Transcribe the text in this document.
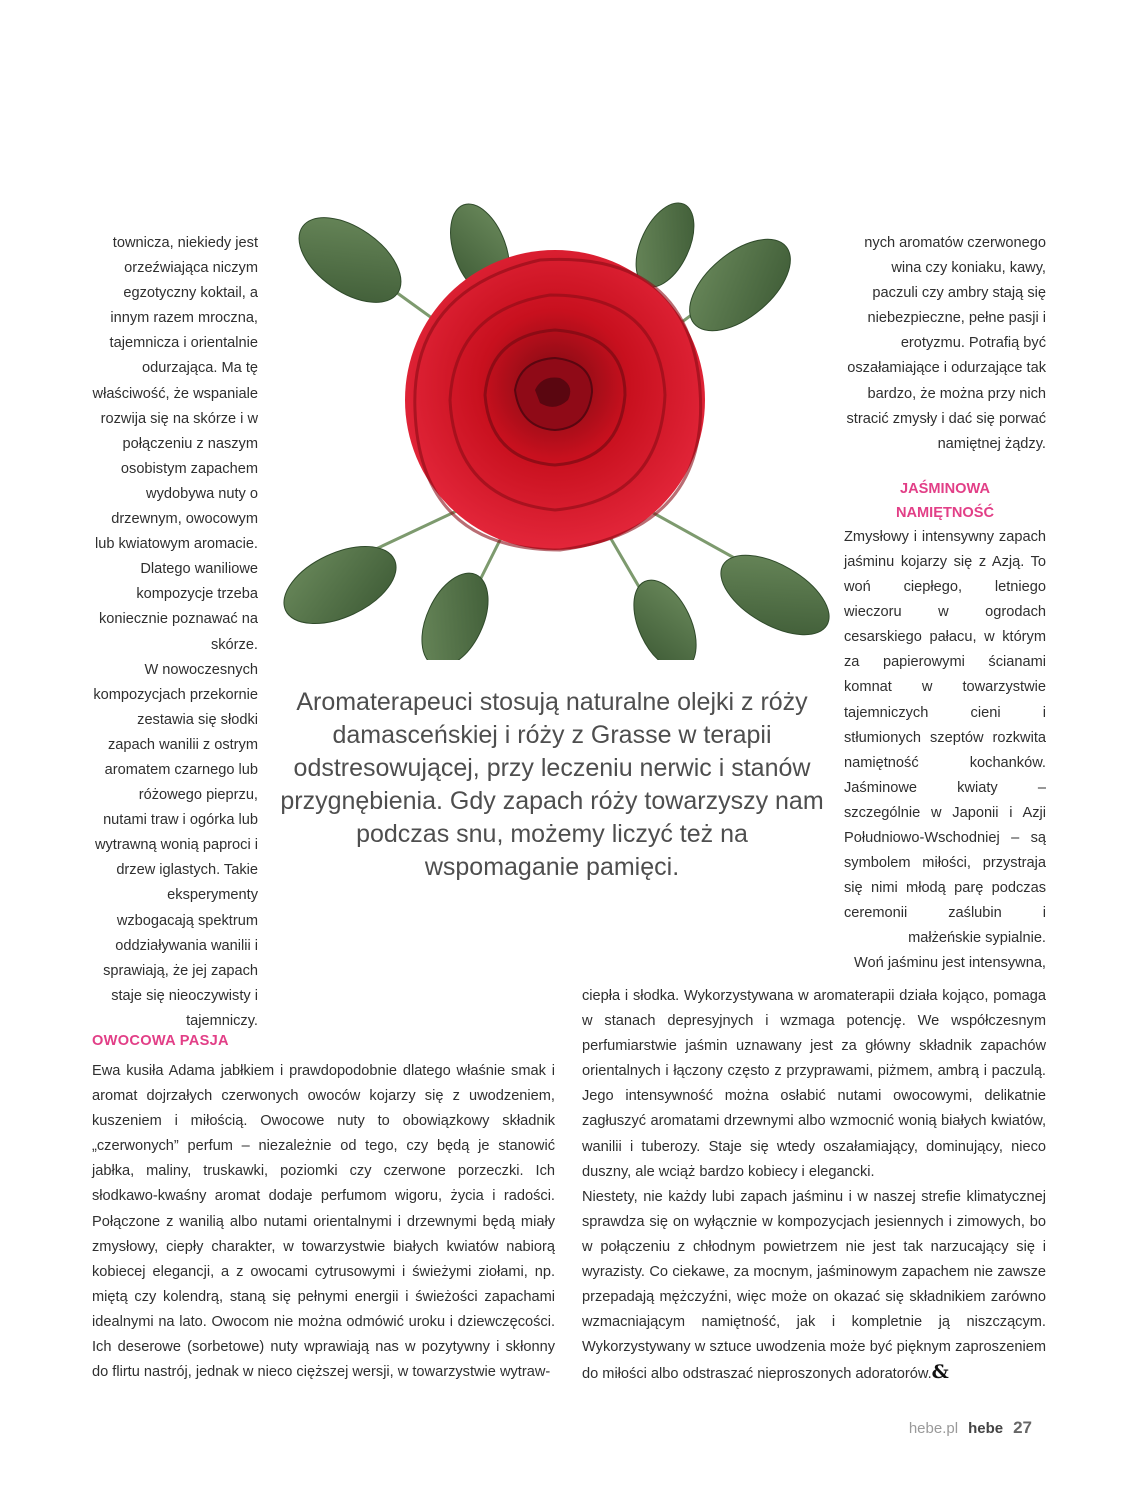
townicza, niekiedy jest orzeźwiająca niczym egzotyczny koktail, a innym razem mroczna, tajemnicza i orientalnie odurzająca. Ma tę właściwość, że wspaniale rozwija się na skórze i w połączeniu z naszym osobistym zapachem wydobywa nuty o drzewnym, owocowym lub kwiatowym aromacie. Dlatego waniliowe kompozycje trzeba koniecznie poznawać na skórze.

W nowoczesnych kompozycjach przekornie zestawia się słodki zapach wanilii z ostrym aromatem czarnego lub różowego pieprzu, nutami traw i ogórka lub wytrawną wonią paproci i drzew iglastych. Takie eksperymenty wzbogacają spektrum oddziaływania wanilii i sprawiają, że jej zapach staje się nieoczywisty i tajemniczy.

nych aromatów czerwonego wina czy koniaku, kawy, paczuli czy ambry stają się niebezpieczne, pełne pasji i erotyzmu. Potrafią być oszałamiające i odurzające tak bardzo, że można przy nich stracić zmysły i dać się porwać namiętnej żądzy.

JAŚMINOWA
NAMIĘTNOŚĆ

Zmysłowy i intensywny zapach jaśminu kojarzy się z Azją. To woń ciepłego, letniego wieczoru w ogrodach cesarskiego pałacu, w którym za papierowymi ścianami komnat w towarzystwie tajemniczych cieni i stłumionych szeptów rozkwita namiętność kochanków. Jaśminowe kwiaty – szczególnie w Japonii i Azji Południowo-Wschodniej – są symbolem miłości, przystraja się nimi młodą parę podczas ceremonii zaślubin i małżeńskie sypialnie.

Woń jaśminu jest intensywna,

Aromaterapeuci stosują naturalne olejki z róży damasceńskiej i róży z Grasse w terapii odstresowującej, przy leczeniu nerwic i stanów przygnębienia. Gdy zapach róży towarzyszy nam podczas snu, możemy liczyć też na wspomaganie pamięci.
OWOCOWA PASJA

Ewa kusiła Adama jabłkiem i prawdopodobnie dlatego właśnie smak i aromat dojrzałych czerwonych owoców kojarzy się z uwodzeniem, kuszeniem i miłością. Owocowe nuty to obowiązkowy składnik „czerwonych” perfum – niezależnie od tego, czy będą je stanowić jabłka, maliny, truskawki, poziomki czy czerwone porzeczki. Ich słodkawo-kwaśny aromat dodaje perfumom wigoru, życia i radości. Połączone z wanilią albo nutami orientalnymi i drzewnymi będą miały zmysłowy, ciepły charakter, w towarzystwie białych kwiatów nabiorą kobiecej elegancji, a z owocami cytrusowymi i świeżymi ziołami, np. miętą czy kolendrą, staną się pełnymi energii i świeżości zapachami idealnymi na lato. Owocom nie można odmówić uroku i dziewczęcości. Ich deserowe (sorbetowe) nuty wprawiają nas w pozytywny i skłonny do flirtu nastrój, jednak w nieco cięższej wersji, w towarzystwie wytraw-

ciepła i słodka. Wykorzystywana w aromaterapii działa kojąco, pomaga w stanach depresyjnych i wzmaga potencję. We współczesnym perfumiarstwie jaśmin uznawany jest za główny składnik zapachów orientalnych i łączony często z przyprawami, piżmem, ambrą i paczulą. Jego intensywność można osłabić nutami owocowymi, delikatnie zagłuszyć aromatami drzewnymi albo wzmocnić wonią białych kwiatów, wanilii i tuberozy. Staje się wtedy oszałamiający, dominujący, nieco duszny, ale wciąż bardzo kobiecy i elegancki.

Niestety, nie każdy lubi zapach jaśminu i w naszej strefie klimatycznej sprawdza się on wyłącznie w kompozycjach jesiennych i zimowych, bo w połączeniu z chłodnym powietrzem nie jest tak narzucający się i wyrazisty. Co ciekawe, za mocnym, jaśminowym zapachem nie zawsze przepadają mężczyźni, więc może on okazać się składnikiem zarówno wzmacniającym namiętność, jak i kompletnie ją niszczącym. Wykorzystywany w sztuce uwodzenia może być pięknym zaproszeniem do miłości albo odstraszać nieproszonych adoratorów.&

hebe.pl hebe 27
